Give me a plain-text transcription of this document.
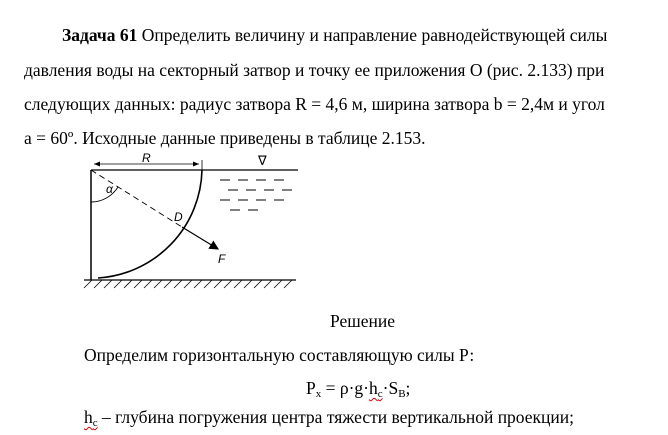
Задача 61 Определить величину и направление равнодействующей силы
давления воды на секторный затвор и точку ее приложения О (рис. 2.133) при
следующих данных: радиус затвора R = 4,6 м, ширина затвора b = 2,4м и угол
a = 60º. Исходные данные приведены в таблице 2.153.
R	∇
α
D
F
Решение
Определим горизонтальную составляющую силы Р:
$P_x = \rho\cdot g\cdot h_c\cdot S_B$;
$h_c$ – глубина погружения центра тяжести вертикальной проекции;
